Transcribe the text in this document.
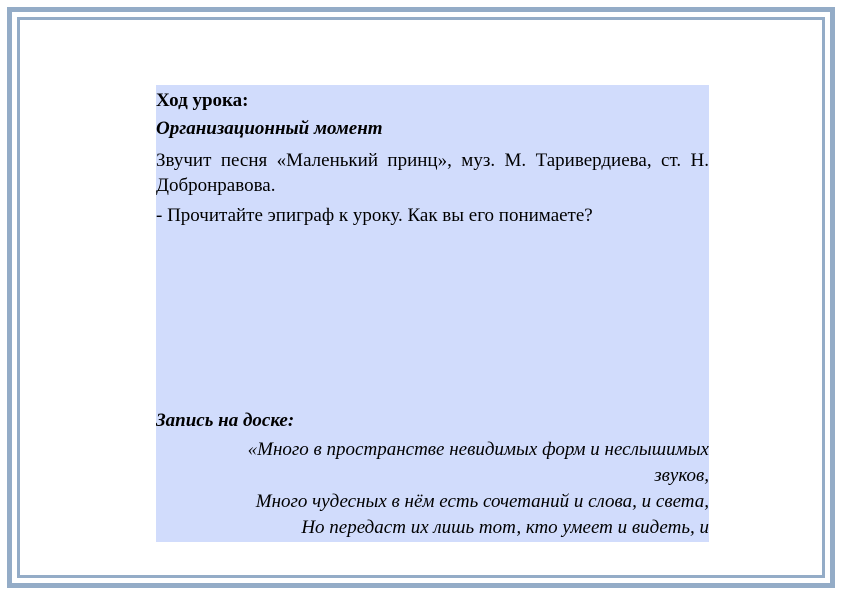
Ход урока:
Организационный момент
Звучит песня «Маленький принц», муз. М. Таривердиева, ст. Н. Добронравова.
- Прочитайте эпиграф к уроку. Как вы его понимаете?
Запись на доске:
«Много в пространстве невидимых форм и неслышимых
звуков,
Много чудесных в нём есть сочетаний и слова, и света,
Но передаст их лишь тот, кто умеет и видеть, и
